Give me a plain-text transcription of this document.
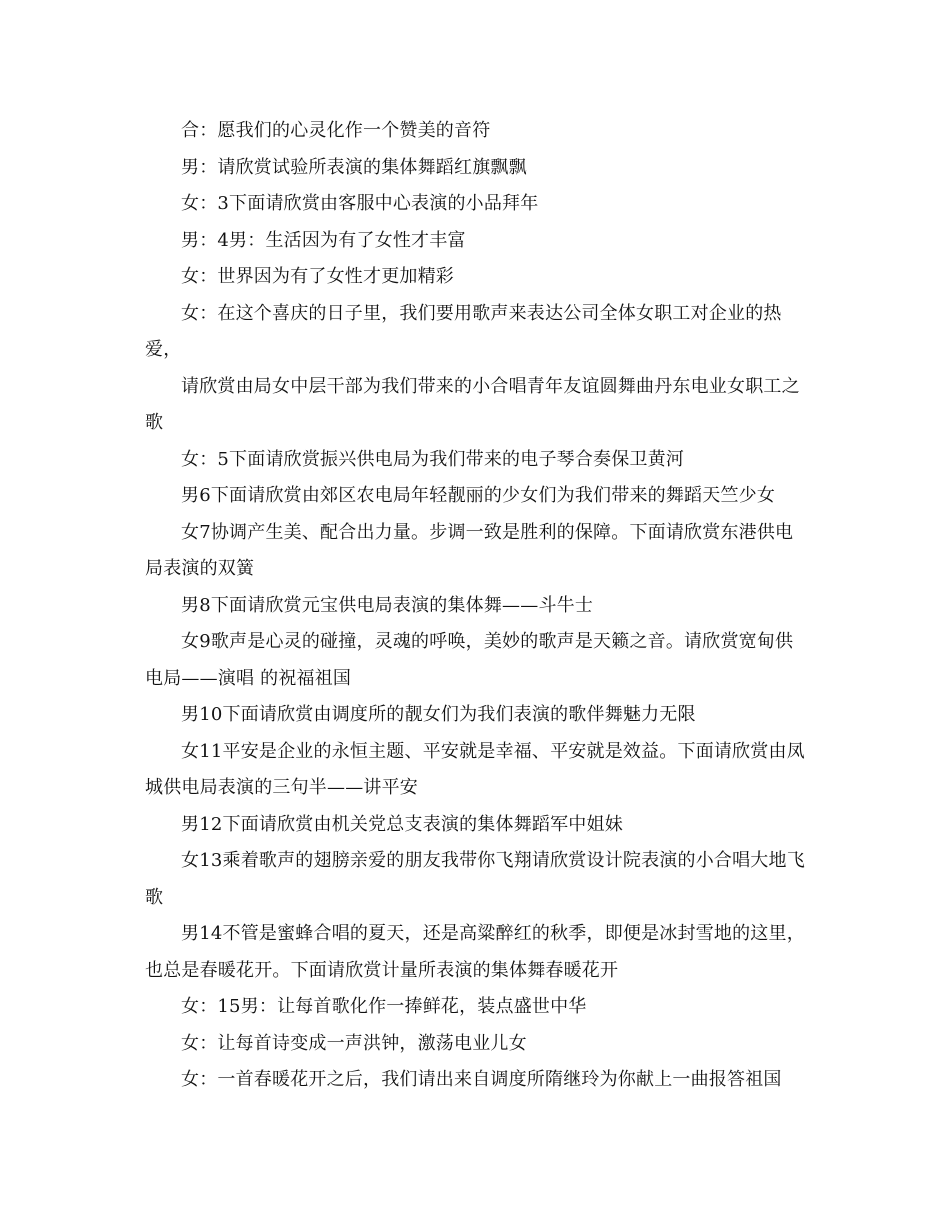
合：愿我们的心灵化作一个赞美的音符

男：请欣赏试验所表演的集体舞蹈红旗飘飘

女：3下面请欣赏由客服中心表演的小品拜年

男：4男：生活因为有了女性才丰富

女：世界因为有了女性才更加精彩

女：在这个喜庆的日子里，我们要用歌声来表达公司全体女职工对企业的热爱，

请欣赏由局女中层干部为我们带来的小合唱青年友谊圆舞曲丹东电业女职工之歌

女：5下面请欣赏振兴供电局为我们带来的电子琴合奏保卫黄河

男6下面请欣赏由郊区农电局年轻靓丽的少女们为我们带来的舞蹈天竺少女

女7协调产生美、配合出力量。步调一致是胜利的保障。下面请欣赏东港供电局表演的双簧

男8下面请欣赏元宝供电局表演的集体舞——斗牛士

女9歌声是心灵的碰撞，灵魂的呼唤，美妙的歌声是天籁之音。请欣赏宽甸供电局——演唱 的祝福祖国

男10下面请欣赏由调度所的靓女们为我们表演的歌伴舞魅力无限

女11平安是企业的永恒主题、平安就是幸福、平安就是效益。下面请欣赏由凤城供电局表演的三句半——讲平安

男12下面请欣赏由机关党总支表演的集体舞蹈军中姐妹

女13乘着歌声的翅膀亲爱的朋友我带你飞翔请欣赏设计院表演的小合唱大地飞歌

男14不管是蜜蜂合唱的夏天，还是高粱醉红的秋季，即便是冰封雪地的这里，也总是春暖花开。下面请欣赏计量所表演的集体舞春暖花开

女：15男：让每首歌化作一捧鲜花，装点盛世中华

女：让每首诗变成一声洪钟，激荡电业儿女

女：一首春暖花开之后，我们请出来自调度所隋继玲为你献上一曲报答祖国
